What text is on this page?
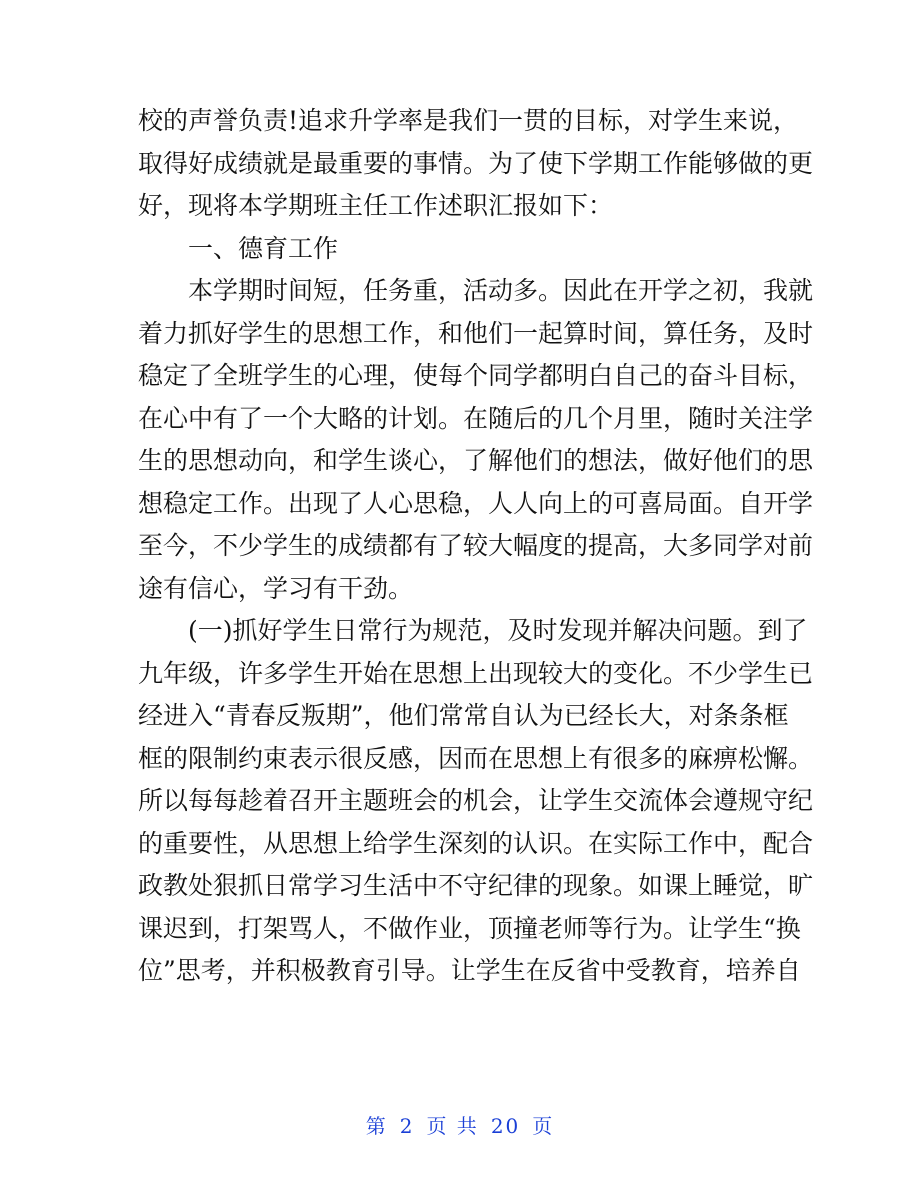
校的声誉负责!追求升学率是我们一贯的目标，对学生来说，
取得好成绩就是最重要的事情。为了使下学期工作能够做的更
好，现将本学期班主任工作述职汇报如下：
一、德育工作
本学期时间短，任务重，活动多。因此在开学之初，我就
着力抓好学生的思想工作，和他们一起算时间，算任务，及时
稳定了全班学生的心理，使每个同学都明白自己的奋斗目标，
在心中有了一个大略的计划。在随后的几个月里，随时关注学
生的思想动向，和学生谈心，了解他们的想法，做好他们的思
想稳定工作。出现了人心思稳，人人向上的可喜局面。自开学
至今，不少学生的成绩都有了较大幅度的提高，大多同学对前
途有信心，学习有干劲。
(一)抓好学生日常行为规范，及时发现并解决问题。到了
九年级，许多学生开始在思想上出现较大的变化。不少学生已
经进入“青春反叛期”，他们常常自认为已经长大，对条条框
框的限制约束表示很反感，因而在思想上有很多的麻痹松懈。
所以每每趁着召开主题班会的机会，让学生交流体会遵规守纪
的重要性，从思想上给学生深刻的认识。在实际工作中，配合
政教处狠抓日常学习生活中不守纪律的现象。如课上睡觉，旷
课迟到，打架骂人，不做作业，顶撞老师等行为。让学生“换
位”思考，并积极教育引导。让学生在反省中受教育，培养自
第 2 页 共 20 页
